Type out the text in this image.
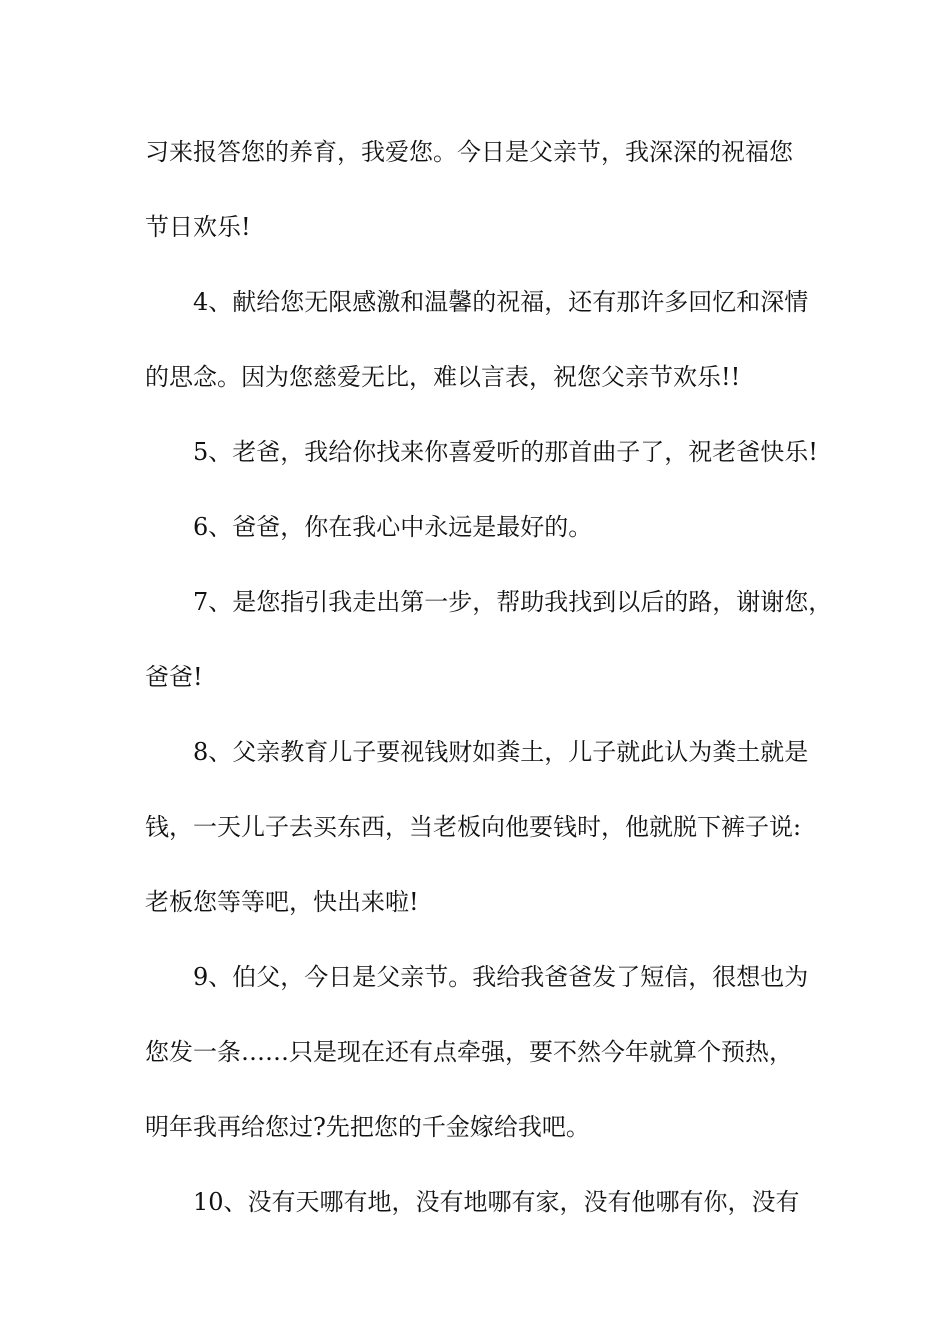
习来报答您的养育，我爱您。今日是父亲节，我深深的祝福您
节日欢乐!
4、献给您无限感激和温馨的祝福，还有那许多回忆和深情
的思念。因为您慈爱无比，难以言表，祝您父亲节欢乐!!
5、老爸，我给你找来你喜爱听的那首曲子了，祝老爸快乐!
6、爸爸，你在我心中永远是最好的。
7、是您指引我走出第一步，帮助我找到以后的路，谢谢您，
爸爸!
8、父亲教育儿子要视钱财如粪土，儿子就此认为粪土就是
钱，一天儿子去买东西，当老板向他要钱时，他就脱下裤子说:
老板您等等吧，快出来啦!
9、伯父，今日是父亲节。我给我爸爸发了短信，很想也为
您发一条……只是现在还有点牵强，要不然今年就算个预热，
明年我再给您过?先把您的千金嫁给我吧。
10、没有天哪有地，没有地哪有家，没有他哪有你，没有
